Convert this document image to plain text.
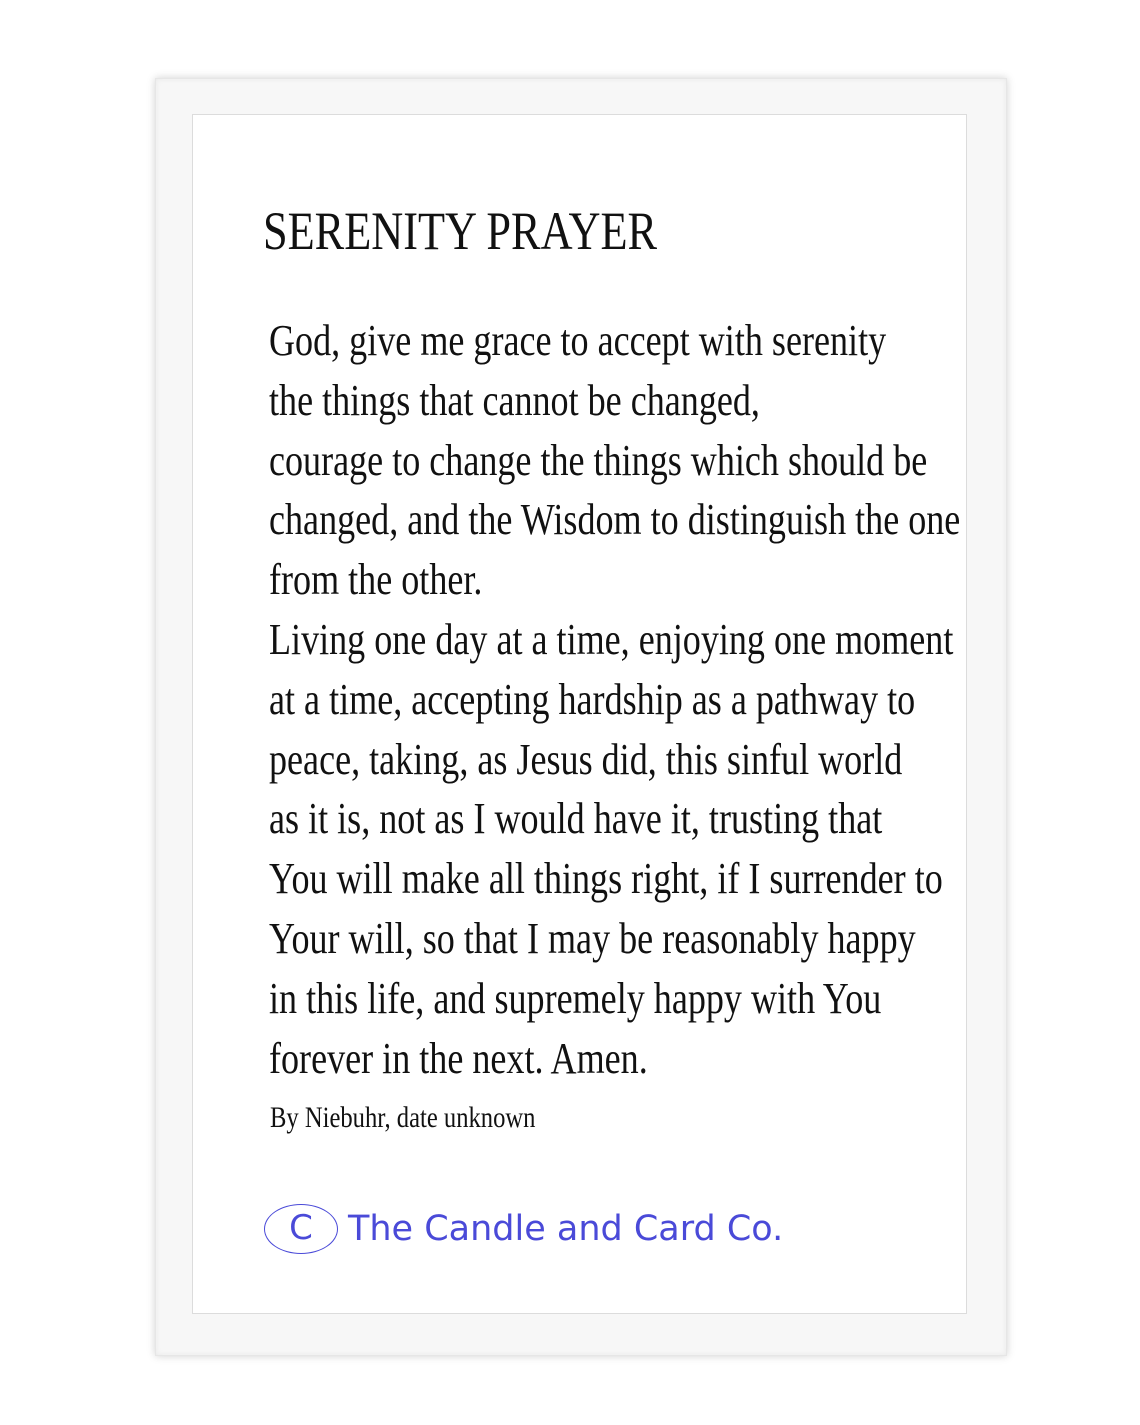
SERENITY PRAYER
God, give me grace to accept with serenity
the things that cannot be changed,
courage to change the things which should be
changed, and the Wisdom to distinguish the one
from the other.
Living one day at a time, enjoying one moment
at a time, accepting hardship as a pathway to
peace, taking, as Jesus did, this sinful world
as it is, not as I would have it, trusting that
You will make all things right, if I surrender to
Your will, so that I may be reasonably happy
in this life, and supremely happy with You
forever in the next. Amen.
By Niebuhr, date unknown
C	The Candle and Card Co.
